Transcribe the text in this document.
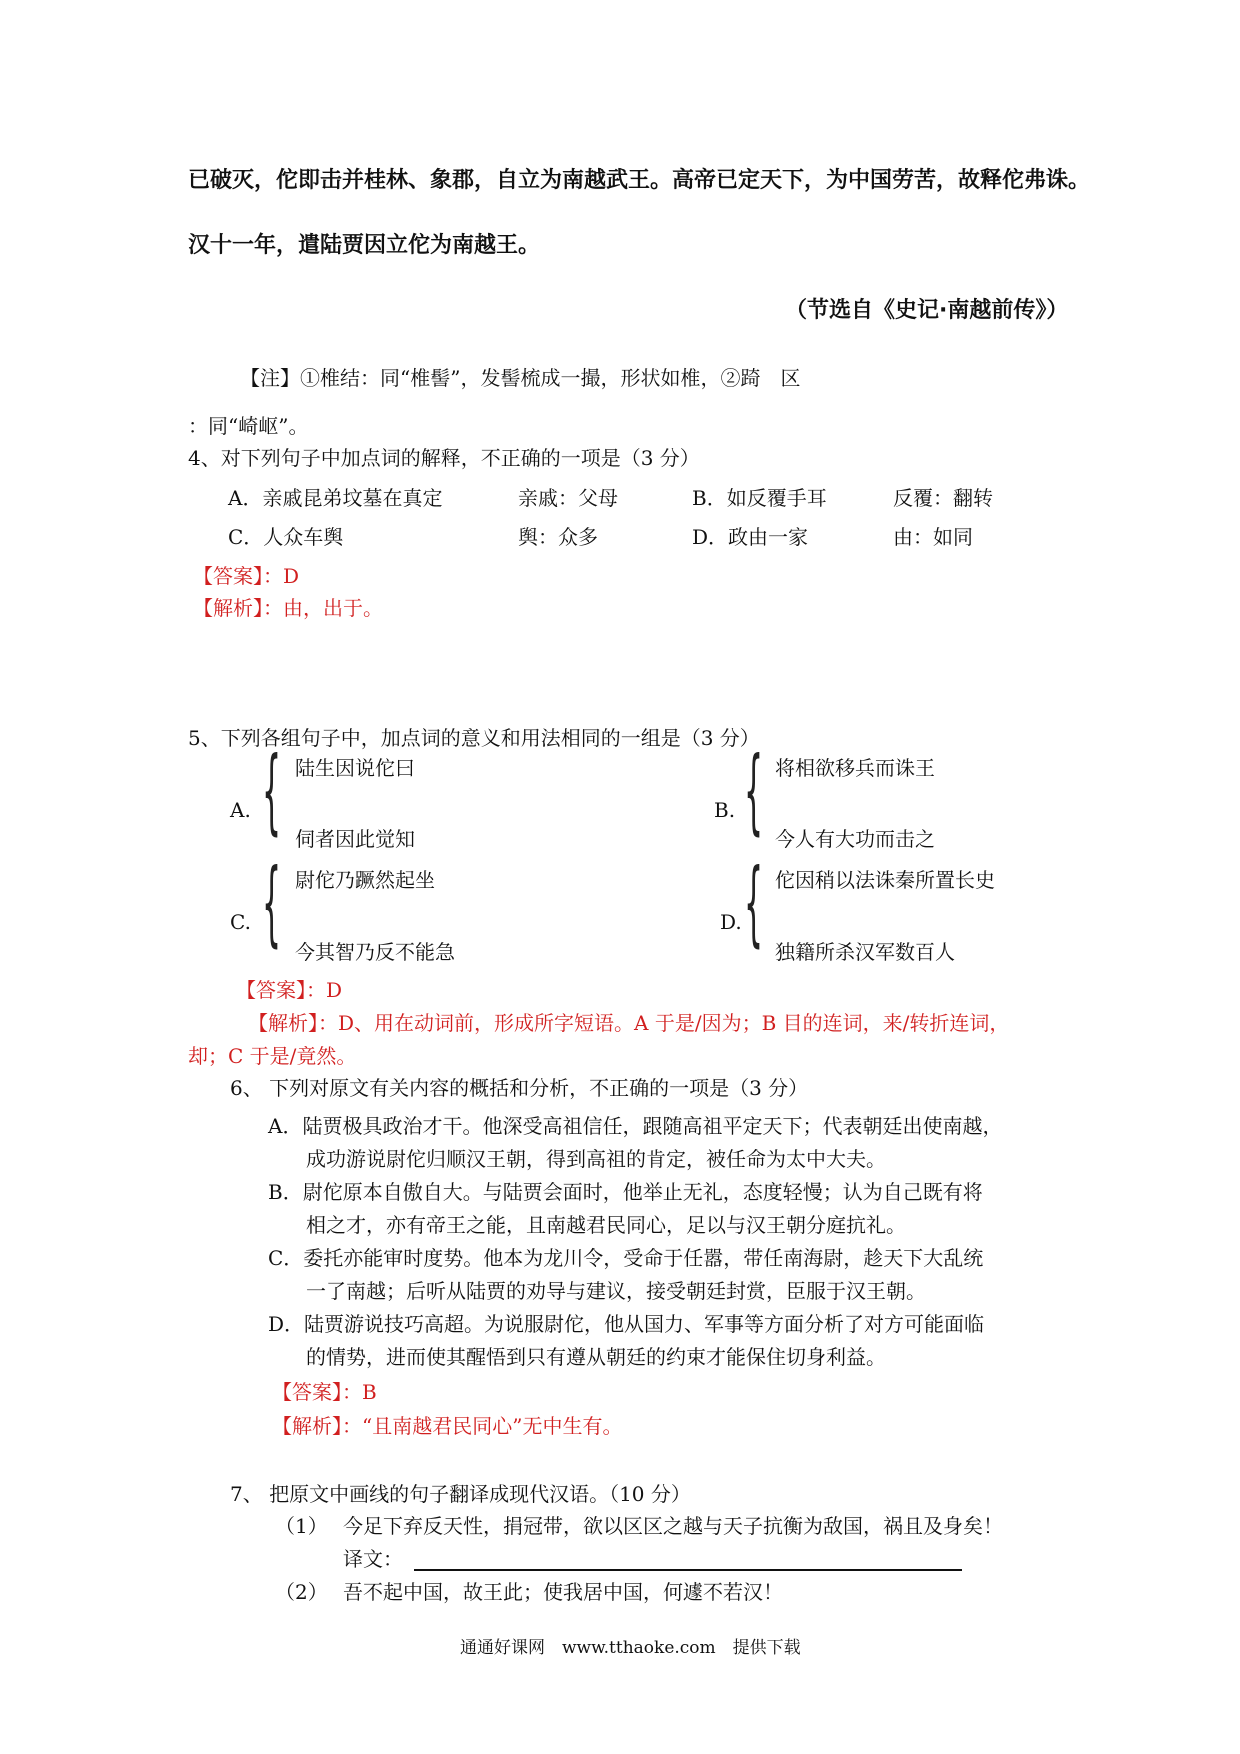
已破灭，佗即击并桂林、象郡，自立为南越武王。高帝已定天下，为中国劳苦，故释佗弗诛。
汉十一年，遣陆贾因立佗为南越王。
（节选自《史记·南越前传》）
【注】①椎结：同“椎髻”，发髻梳成一撮，形状如椎，②踦　区
：同“崎岖”。
4、对下列句子中加点词的解释，不正确的一项是（3 分）
A．亲戚昆弟坟墓在真定	亲戚：父母	B．如反覆手耳	反覆：翻转
C．人众车舆	舆：众多	D．政由一家	由：如同
【答案】：D
【解析】：由，出于。
5、下列各组句子中，加点词的意义和用法相同的一组是（3 分）
A. { 陆生因说佗曰
伺者因此觉知
B. { 将相欲移兵而诛王
今人有大功而击之
C. { 尉佗乃蹶然起坐
今其智乃反不能急
D. { 佗因稍以法诛秦所置长史
独籍所杀汉军数百人
【答案】：D
【解析】：D、用在动词前，形成所字短语。A 于是/因为；B 目的连词，来/转折连词，
却；C 于是/竟然。
6、 下列对原文有关内容的概括和分析，不正确的一项是（3 分）
A．陆贾极具政治才干。他深受高祖信任，跟随高祖平定天下；代表朝廷出使南越，
成功游说尉佗归顺汉王朝，得到高祖的肯定，被任命为太中大夫。
B．尉佗原本自傲自大。与陆贾会面时，他举止无礼，态度轻慢；认为自己既有将
相之才，亦有帝王之能，且南越君民同心，足以与汉王朝分庭抗礼。
C．委托亦能审时度势。他本为龙川令，受命于任嚣，带任南海尉，趁天下大乱统
一了南越；后听从陆贾的劝导与建议，接受朝廷封赏，臣服于汉王朝。
D．陆贾游说技巧高超。为说服尉佗，他从国力、军事等方面分析了对方可能面临
的情势，进而使其醒悟到只有遵从朝廷的约束才能保住切身利益。
【答案】：B
【解析】：“且南越君民同心”无中生有。
7、 把原文中画线的句子翻译成现代汉语。（10 分）
（1） 今足下弃反天性，捐冠带，欲以区区之越与天子抗衡为敌国，祸且及身矣！
译文：
（2） 吾不起中国，故王此；使我居中国，何遽不若汉！
通通好课网　www.tthaoke.com　提供下载
